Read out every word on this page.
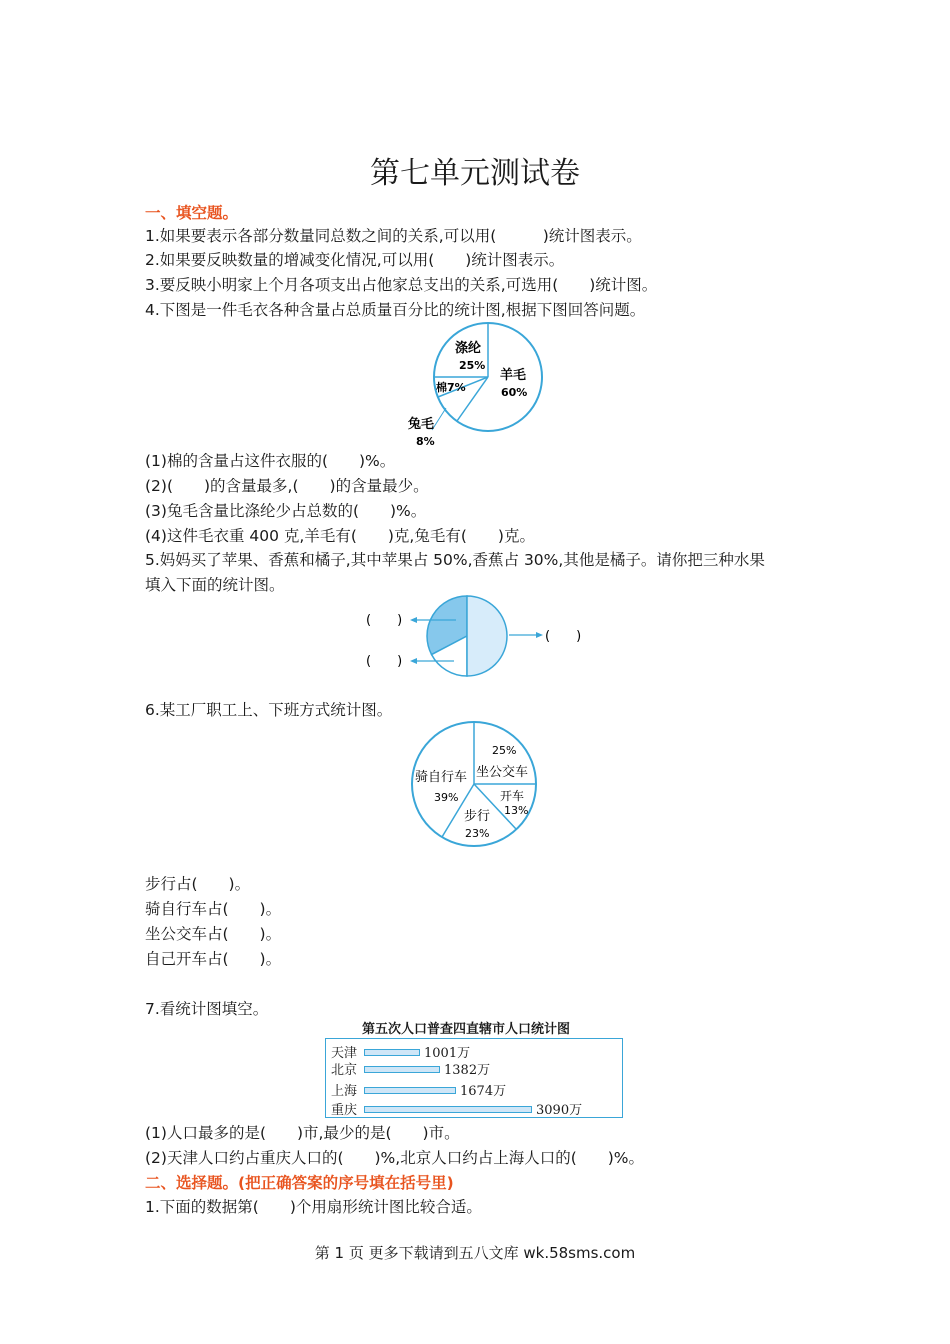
第七单元测试卷
一、填空题。
1.如果要表示各部分数量同总数之间的关系,可以用(　　　)统计图表示。
2.如果要反映数量的增减变化情况,可以用(　　)统计图表示。
3.要反映小明家上个月各项支出占他家总支出的关系,可选用(　　)统计图。
4.下图是一件毛衣各种含量占总质量百分比的统计图,根据下图回答问题。
涤纶
25%
羊毛
60%
棉7%
兔毛
8%
(1)棉的含量占这件衣服的(　　)%。
(2)(　　)的含量最多,(　　)的含量最少。
(3)兔毛含量比涤纶少占总数的(　　)%。
(4)这件毛衣重 400 克,羊毛有(　　)克,兔毛有(　　)克。
5.妈妈买了苹果、香蕉和橘子,其中苹果占 50%,香蕉占 30%,其他是橘子。请你把三种水果
填入下面的统计图。
(　　)
(　　)
(　　)
6.某工厂职工上、下班方式统计图。
25%
坐公交车
开车
13%
步行
23%
骑自行车
39%
步行占(　　)。
骑自行车占(　　)。
坐公交车占(　　)。
自己开车占(　　)。
7.看统计图填空。
第五次人口普查四直辖市人口统计图
天津
北京
上海
重庆
1001万
1382万
1674万
3090万
(1)人口最多的是(　　)市,最少的是(　　)市。
(2)天津人口约占重庆人口的(　　)%,北京人口约占上海人口的(　　)%。
二、选择题。(把正确答案的序号填在括号里)
1.下面的数据第(　　)个用扇形统计图比较合适。
第 1 页 更多下载请到五八文库 wk.58sms.com
